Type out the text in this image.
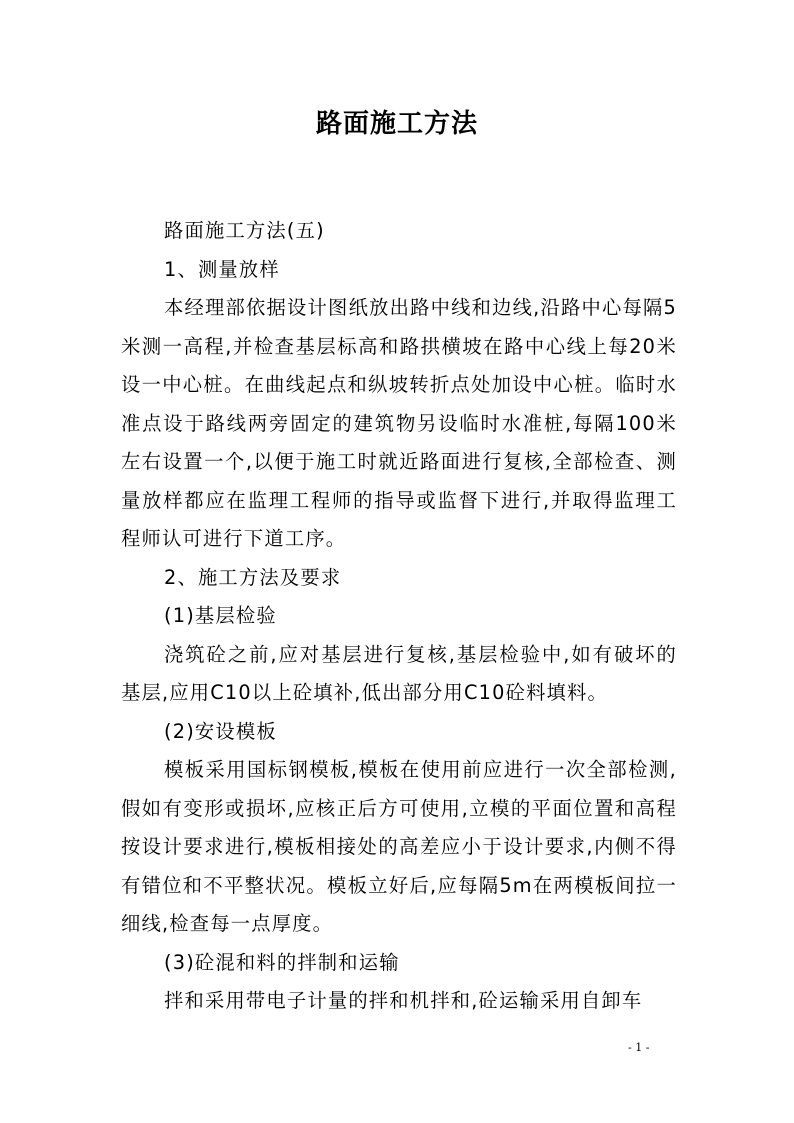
路面施工方法

路面施工方法(五)

1、测量放样

本经理部依据设计图纸放出路中线和边线,沿路中心每隔5米测一高程,并检查基层标高和路拱横坡在路中心线上每20米设一中心桩。在曲线起点和纵坡转折点处加设中心桩。临时水准点设于路线两旁固定的建筑物另设临时水准桩,每隔100米左右设置一个,以便于施工时就近路面进行复核,全部检查、测量放样都应在监理工程师的指导或监督下进行,并取得监理工程师认可进行下道工序。

2、施工方法及要求

(1)基层检验

浇筑砼之前,应对基层进行复核,基层检验中,如有破坏的基层,应用C10以上砼填补,低出部分用C10砼料填料。

(2)安设模板

模板采用国标钢模板,模板在使用前应进行一次全部检测,假如有变形或损坏,应核正后方可使用,立模的平面位置和高程按设计要求进行,模板相接处的高差应小于设计要求,内侧不得有错位和不平整状况。模板立好后,应每隔5m在两模板间拉一细线,检查每一点厚度。

(3)砼混和料的拌制和运输

拌和采用带电子计量的拌和机拌和,砼运输采用自卸车

- 1 -
